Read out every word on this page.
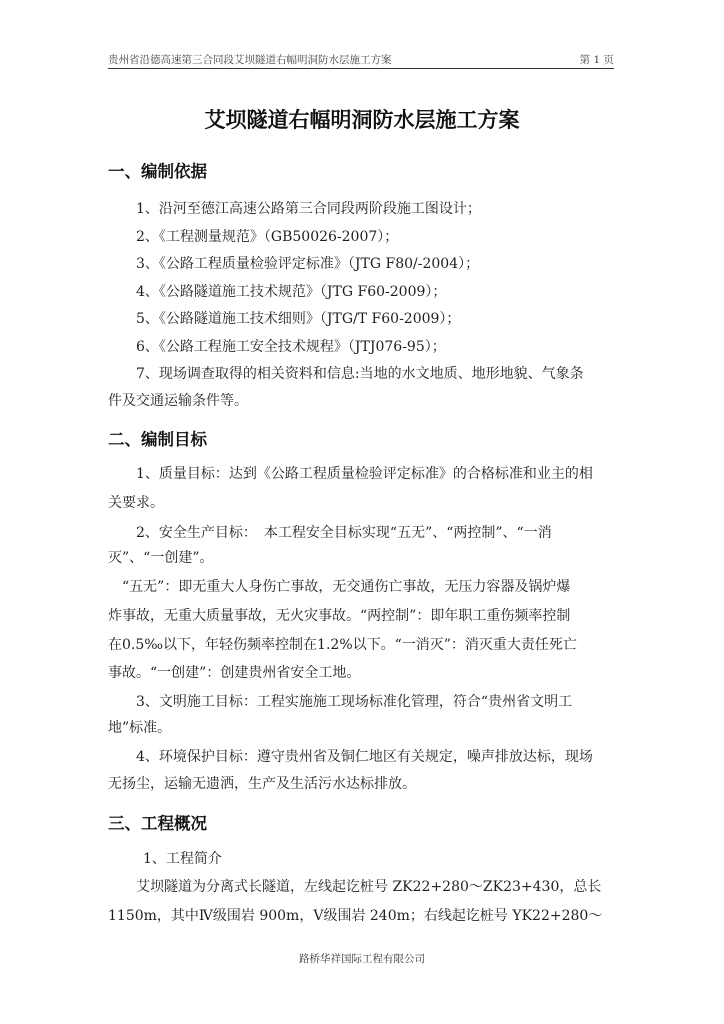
贵州省沿德高速第三合同段艾坝隧道右幅明洞防水层施工方案	第 1 页
艾坝隧道右幅明洞防水层施工方案
一、编制依据
1、沿河至德江高速公路第三合同段两阶段施工图设计；
2、《工程测量规范》（GB50026-2007）；
3、《公路工程质量检验评定标准》（JTG F80/-2004）；
4、《公路隧道施工技术规范》（JTG F60-2009）；
5、《公路隧道施工技术细则》（JTG/T F60-2009）；
6、《公路工程施工安全技术规程》（JTJ076-95）；
7、现场调查取得的相关资料和信息:当地的水文地质、地形地貌、气象条
件及交通运输条件等。
二、编制目标
1、质量目标：达到《公路工程质量检验评定标准》的合格标准和业主的相
关要求。
2、安全生产目标：　本工程安全目标实现“五无”、“两控制”、“一消
灭”、“一创建”。
“五无”：即无重大人身伤亡事故，无交通伤亡事故，无压力容器及锅炉爆
炸事故，无重大质量事故，无火灾事故。“两控制”：即年职工重伤频率控制
在0.5‰以下，年轻伤频率控制在1.2%以下。“一消灭”：消灭重大责任死亡
事故。“一创建”：创建贵州省安全工地。
3、文明施工目标：工程实施施工现场标准化管理，符合“贵州省文明工
地”标准。
4、环境保护目标：遵守贵州省及铜仁地区有关规定，噪声排放达标，现场
无扬尘，运输无遗洒，生产及生活污水达标排放。
三、工程概况
1、工程简介
艾坝隧道为分离式长隧道，左线起讫桩号 ZK22+280～ZK23+430，总长
1150m，其中Ⅳ级围岩 900m，Ⅴ级围岩 240m；右线起讫桩号 YK22+280～
路桥华祥国际工程有限公司
